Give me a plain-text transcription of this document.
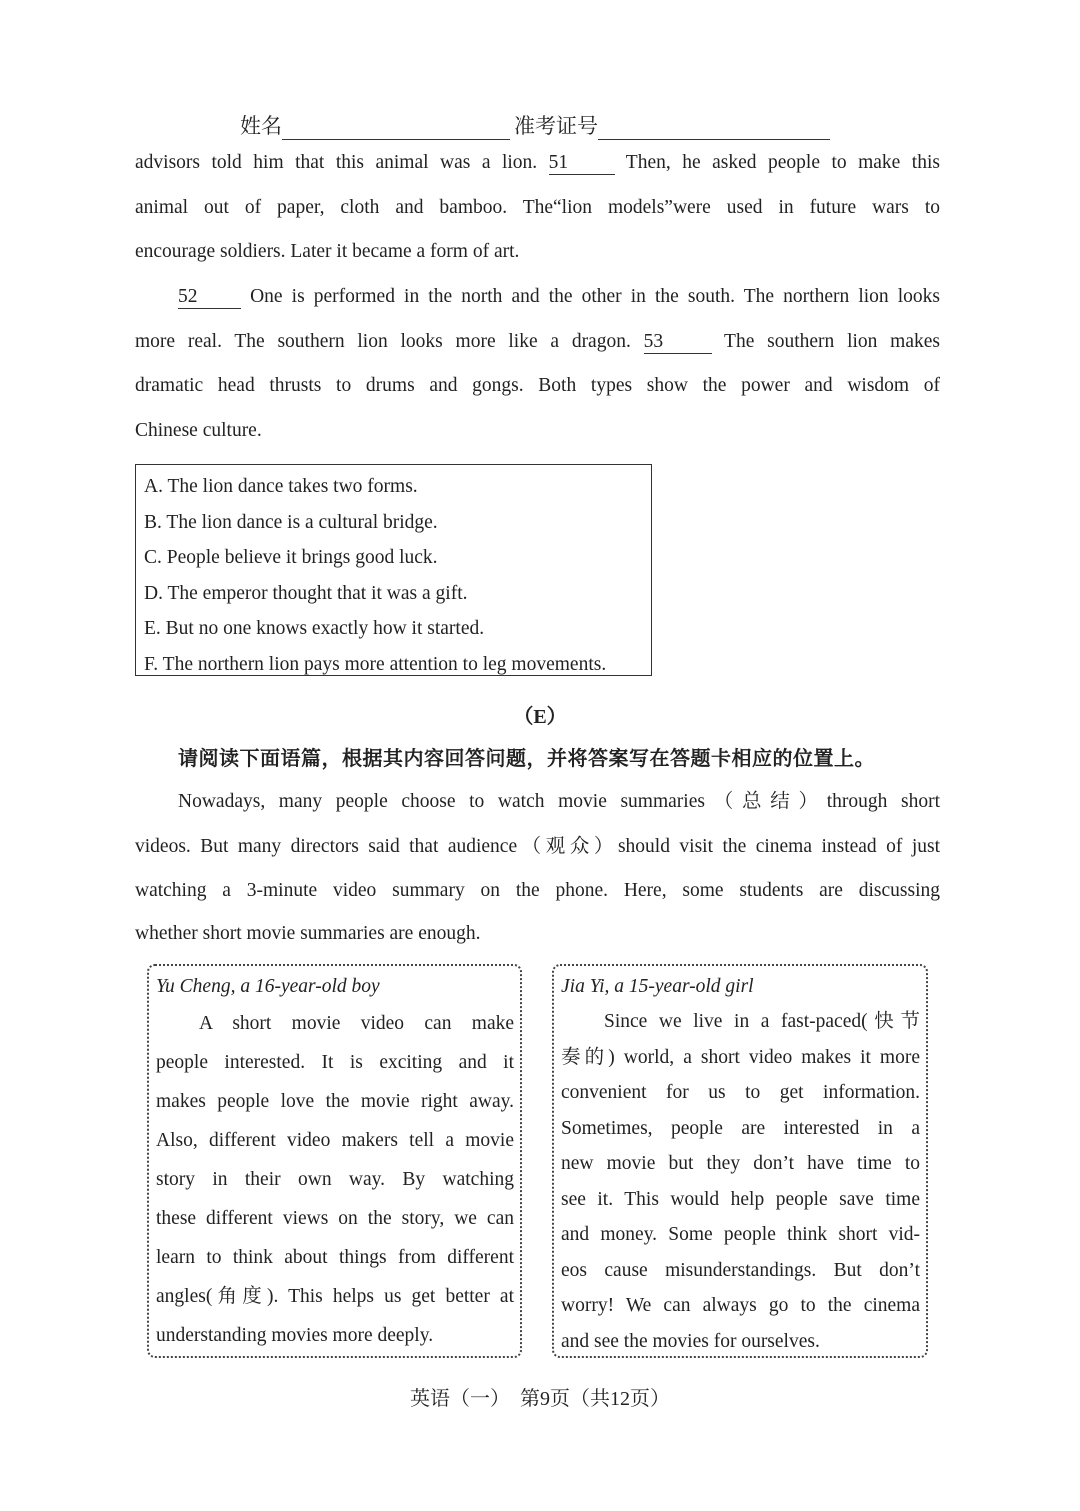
姓名	准考证号
advisors told him that this animal was a lion. 51 Then, he asked people to make this
animal out of paper, cloth and bamboo. The“lion models”were used in future wars to
encourage soldiers. Later it became a form of art.
52 One is performed in the north and the other in the south. The northern lion looks
more real. The southern lion looks more like a dragon. 53 The southern lion makes
dramatic head thrusts to drums and gongs. Both types show the power and wisdom of
Chinese culture.
A. The lion dance takes two forms.
B. The lion dance is a cultural bridge.
C. People believe it brings good luck.
D. The emperor thought that it was a gift.
E. But no one knows exactly how it started.
F. The northern lion pays more attention to leg movements.
（E）
请阅读下面语篇，根据其内容回答问题，并将答案写在答题卡相应的位置上。
Nowadays, many people choose to watch movie summaries（总结）through short
videos. But many directors said that audience（观众）should visit the cinema instead of just
watching a 3-minute video summary on the phone. Here, some students are discussing
whether short movie summaries are enough.
Yu Cheng, a 16-year-old boy
A short movie video can make
people interested. It is exciting and it
makes people love the movie right away.
Also, different video makers tell a movie
story in their own way. By watching
these different views on the story, we can
learn to think about things from different
angles(角度). This helps us get better at
understanding movies more deeply.
Jia Yi, a 15-year-old girl
Since we live in a fast-paced(快节
奏的) world, a short video makes it more
convenient for us to get information.
Sometimes, people are interested in a
new movie but they don’t have time to
see it. This would help people save time
and money. Some people think short vid-
eos cause misunderstandings. But don’t
worry! We can always go to the cinema
and see the movies for ourselves.
英语（一）　第9页（共12页）
